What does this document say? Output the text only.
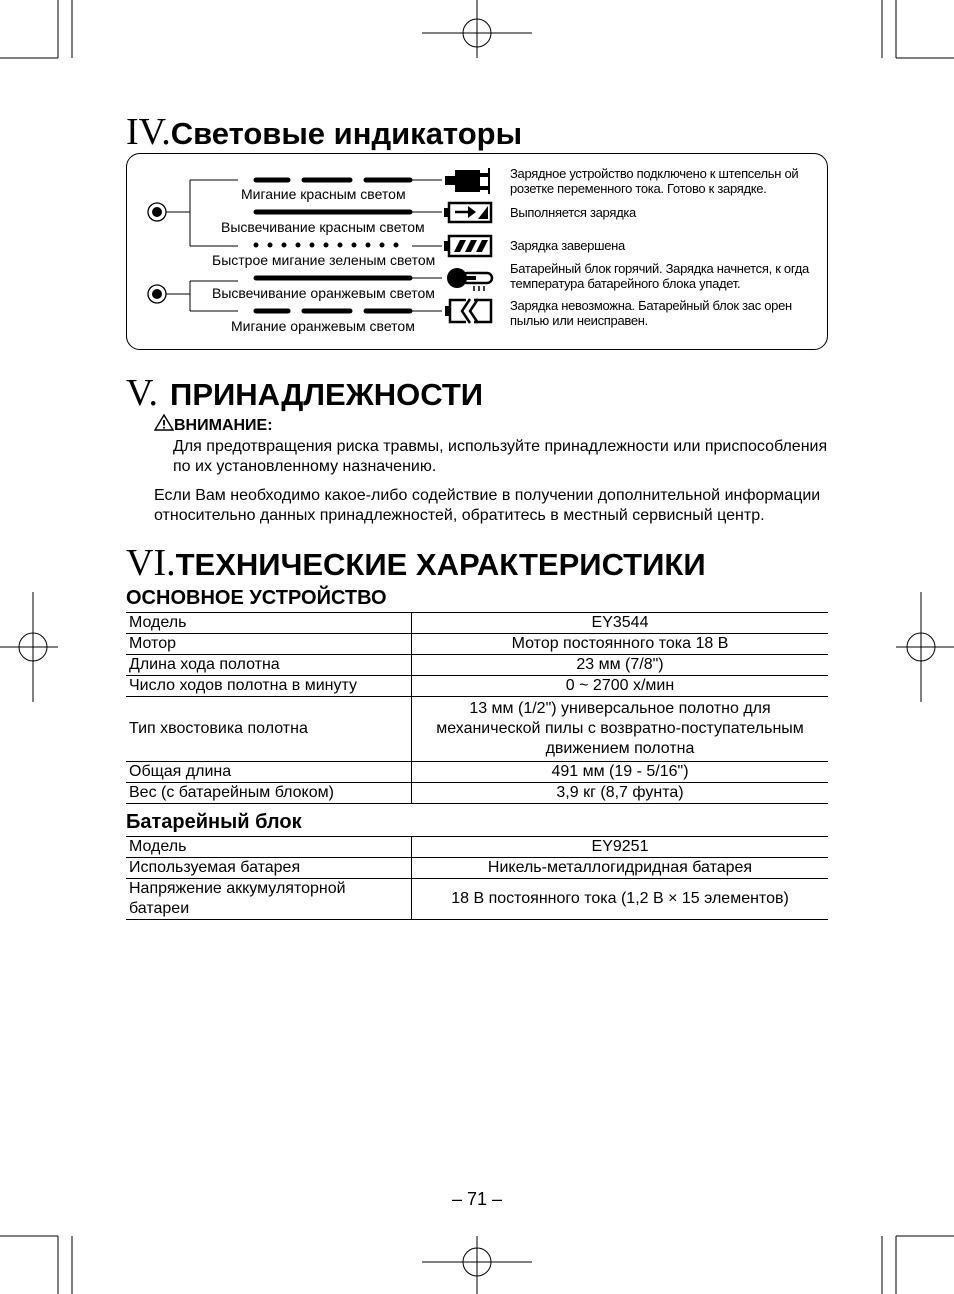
IV.Световые индикаторы
Мигание красным светом
Высвечивание красным светом
Быстрое мигание зеленым светом
Высвечивание оранжевым светом
Мигание оранжевым светом
Зарядное устройство подключено к штепсельн ой розетке переменного тока. Готово к зарядке.
Выполняется зарядка
Зарядка завершена
Батарейный блок горячий. Зарядка начнется, к огда температура батарейного блока упадет.
Зарядка невозможна. Батарейный блок зас орен пылью или неисправен.
V. ПРИНАДЛЕЖНОСТИ
ВНИМАНИЕ:
Для предотвращения риска травмы, используйте принадлежности или приспособления по их установленному назначению.
Если Вам необходимо какое-либо содействие в получении дополнительной информации относительно данных принадлежностей, обратитесь в местный сервисный центр.
VI.ТЕХНИЧЕСКИЕ ХАРАКТЕРИСТИКИ
ОСНОВНОЕ УСТРОЙСТВО
Модель	EY3544
Мотор	Мотор постоянного тока 18 В
Длина хода полотна	23 мм (7/8")
Число ходов полотна в минуту	0 ~ 2700 х/мин
Тип хвостовика полотна	13 мм (1/2") универсальное полотно для механической пилы с возвратно-поступательным движением полотна
Общая длина	491 мм (19 - 5/16")
Вес (с батарейным блоком)	3,9 кг (8,7 фунта)
Батарейный блок
Модель	EY9251
Используемая батарея	Никель-металлогидридная батарея
Напряжение аккумуляторной батареи	18 В постоянного тока (1,2 В × 15 элементов)
– 71 –
